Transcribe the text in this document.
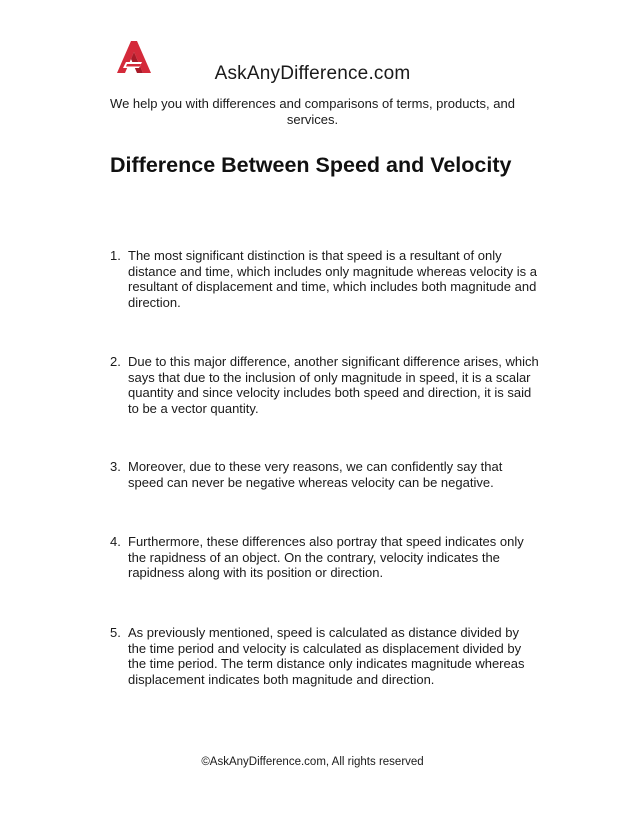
AskAnyDifference.com
We help you with differences and comparisons of terms, products, and services.
Difference Between Speed and Velocity
1. The most significant distinction is that speed is a resultant of only distance and time, which includes only magnitude whereas velocity is a resultant of displacement and time, which includes both magnitude and direction.
2. Due to this major difference, another significant difference arises, which says that due to the inclusion of only magnitude in speed, it is a scalar quantity and since velocity includes both speed and direction, it is said to be a vector quantity.
3. Moreover, due to these very reasons, we can confidently say that speed can never be negative whereas velocity can be negative.
4. Furthermore, these differences also portray that speed indicates only the rapidness of an object. On the contrary, velocity indicates the rapidness along with its position or direction.
5. As previously mentioned, speed is calculated as distance divided by the time period and velocity is calculated as displacement divided by the time period. The term distance only indicates magnitude whereas displacement indicates both magnitude and direction.
©AskAnyDifference.com, All rights reserved
